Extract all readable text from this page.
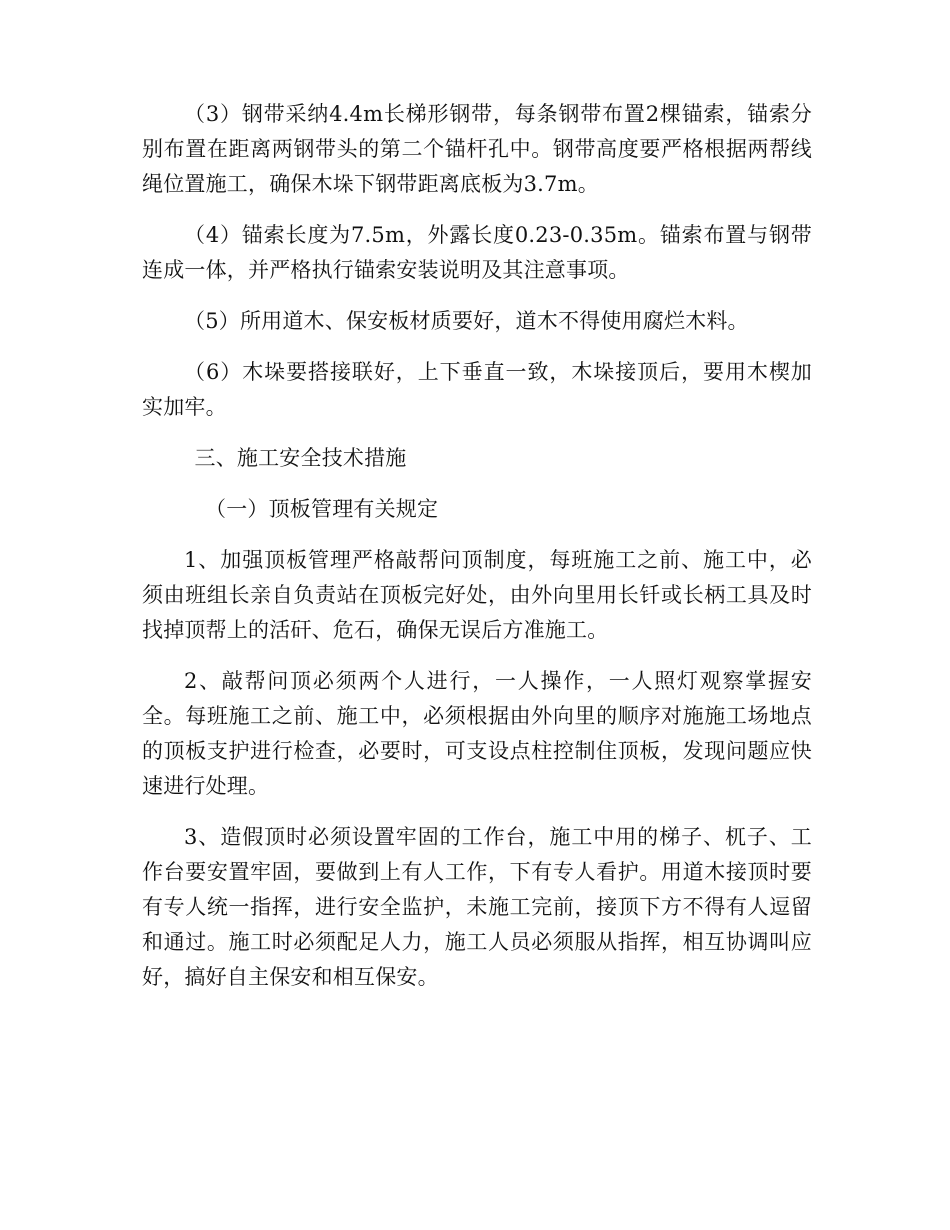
（3）钢带采纳4.4m长梯形钢带，每条钢带布置2棵锚索，锚索分别布置在距离两钢带头的第二个锚杆孔中。钢带高度要严格根据两帮线绳位置施工，确保木垛下钢带距离底板为3.7m。

（4）锚索长度为7.5m，外露长度0.23-0.35m。锚索布置与钢带连成一体，并严格执行锚索安装说明及其注意事项。

（5）所用道木、保安板材质要好，道木不得使用腐烂木料。

（6）木垛要搭接联好，上下垂直一致，木垛接顶后，要用木楔加实加牢。

三、施工安全技术措施

（一）顶板管理有关规定

1、加强顶板管理严格敲帮问顶制度，每班施工之前、施工中，必须由班组长亲自负责站在顶板完好处，由外向里用长钎或长柄工具及时找掉顶帮上的活矸、危石，确保无误后方准施工。

2、敲帮问顶必须两个人进行，一人操作，一人照灯观察掌握安全。每班施工之前、施工中，必须根据由外向里的顺序对施施工场地点的顶板支护进行检查，必要时，可支设点柱控制住顶板，发现问题应快速进行处理。

3、造假顶时必须设置牢固的工作台，施工中用的梯子、杌子、工作台要安置牢固，要做到上有人工作，下有专人看护。用道木接顶时要有专人统一指挥，进行安全监护，未施工完前，接顶下方不得有人逗留和通过。施工时必须配足人力，施工人员必须服从指挥，相互协调叫应好，搞好自主保安和相互保安。
